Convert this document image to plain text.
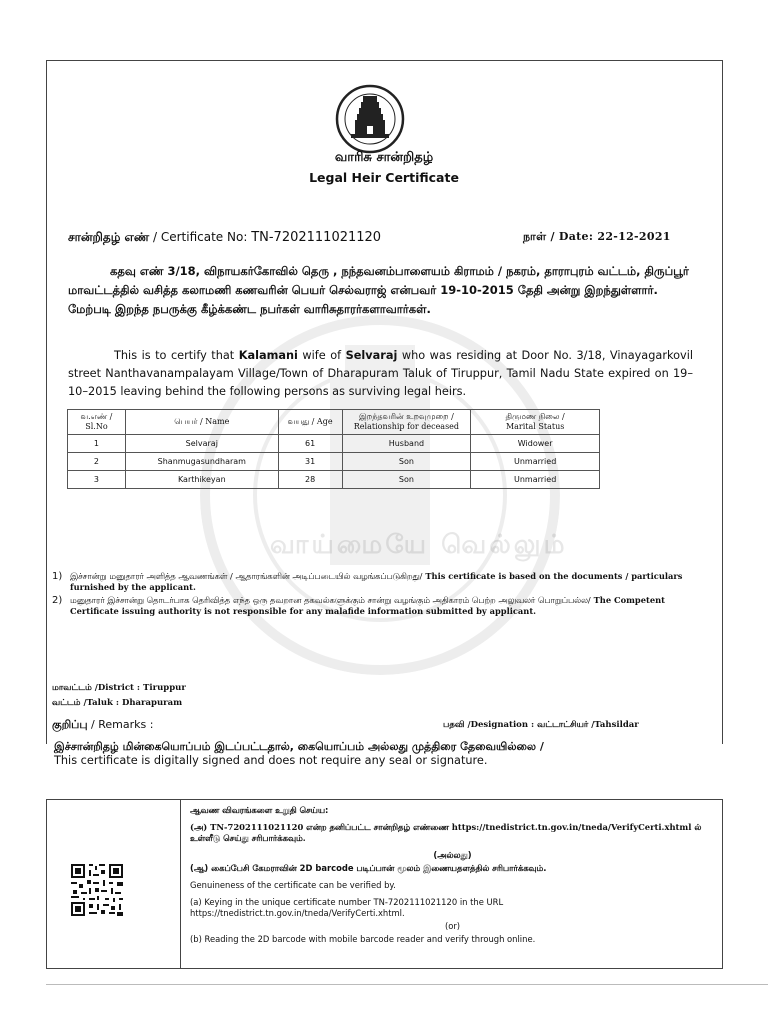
வாரிசு சான்றிதழ்
Legal Heir Certificate
சான்றிதழ் எண் / Certificate No: TN-7202111021120	நாள் / Date: 22-12-2021

கதவு எண் 3/18, விநாயகர்கோவில் தெரு , நந்தவனம்பாளையம் கிராமம் / நகரம், தாராபுரம் வட்டம், திருப்பூர் மாவட்டத்தில் வசித்த கலாமணி கணவரின் பெயர் செல்வராஜ் என்பவர் 19-10-2015 தேதி அன்று இறந்துள்ளார். மேற்படி இறந்த நபருக்கு கீழ்க்கண்ட நபர்கள் வாரிசுதாரர்களாவார்கள்.

This is to certify that Kalamani wife of Selvaraj who was residing at Door No. 3/18, Vinayagarkovil street Nanthavanampalayam Village/Town of Dharapuram Taluk of Tiruppur, Tamil Nadu State expired on 19–10–2015 leaving behind the following persons as surviving legal heirs.

வ.எண் /
Sl.No	பெயர் / Name	வயது / Age	இறந்தவரின் உறவுமுறை /
Relationship for deceased	திருமண நிலை /
Marital Status
1	Selvaraj	61	Husband	Widower
2	Shanmugasundharam	31	Son	Unmarried
3	Karthikeyan	28	Son	Unmarried
வாய்மையே வெல்லும்
1) இச்சான்று மனுதாரர் அளித்த ஆவணங்கள் / ஆதாரங்களின் அடிப்படையில் வழங்கப்படுகிறது/ This certificate is based on the documents / particulars furnished by the applicant.
2) மனுதாரர் இச்சான்று தொடர்பாக தெரிவித்த எந்த ஒரு தவறான தகவல்களுக்கும் சான்று வழங்கும் அதிகாரம் பெற்ற அலுவலர் பொறுப்பல்ல/ The Competent Certificate issuing authority is not responsible for any malafide information submitted by applicant.
மாவட்டம் /District : Tiruppur
வட்டம் /Taluk : Dharapuram
குறிப்பு / Remarks :	பதவி /Designation : வட்டாட்சியர் /Tahsildar
இச்சான்றிதழ் மின்கையொப்பம் இடப்பட்டதால், கையொப்பம் அல்லது முத்திரை தேவையில்லை /
This certificate is digitally signed and does not require any seal or signature.

ஆவண விவரங்களை உறுதி செய்ய:

(அ) TN-7202111021120 என்ற தனிப்பட்ட சான்றிதழ் எண்ணை https://tnedistrict.tn.gov.in/tneda/VerifyCerti.xhtml ல் உள்ளீடு செய்து சரிபார்க்கவும்.

(அல்லது)

(ஆ) கைப்பேசி கேமராவின் 2D barcode படிப்பான் மூலம் இணையதளத்தில் சரிபார்க்கவும்.

Genuineness of the certificate can be verified by.

(a) Keying in the unique certificate number TN-7202111021120 in the URL https://tnedistrict.tn.gov.in/tneda/VerifyCerti.xhtml.

(or)

(b) Reading the 2D barcode with mobile barcode reader and verify through online.
